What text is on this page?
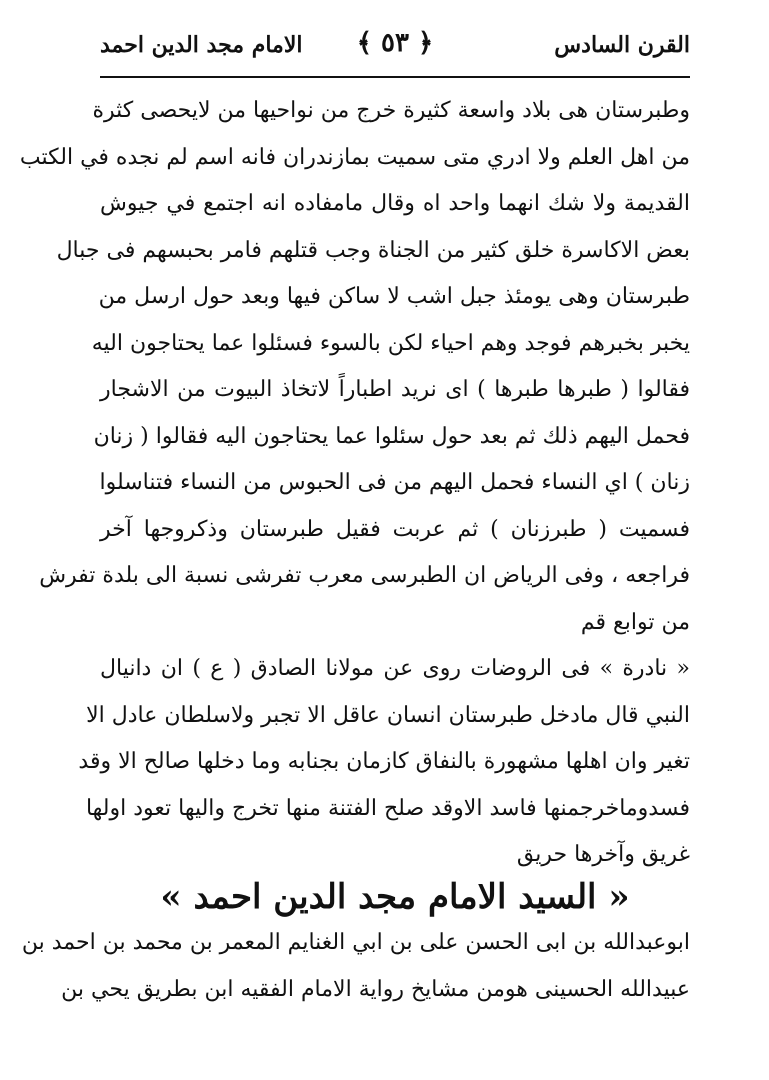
القرن السادس
﴿ ٥٣ ﴾
الامام مجد الدين احمد
وطبرستان هى بلاد واسعة كثيرة خرج من نواحيها من لايحصى كثرة
من اهل العلم ولا ادري متى سميت بمازندران فانه اسم لم نجده في الكتب
القديمة ولا شك انهما واحد اه وقال مامفاده انه اجتمع في جيوش
بعض الاكاسرة خلق كثير من الجناة وجب قتلهم فامر بحبسهم فى جبال
طبرستان وهى يومئذ جبل اشب لا ساكن فيها وبعد حول ارسل من
يخبر بخبرهم فوجد وهم احياء لكن بالسوء فسئلوا عما يحتاجون اليه
فقالوا ( طبرها طبرها ) اى نريد اطباراً لاتخاذ البيوت من الاشجار
فحمل اليهم ذلك ثم بعد حول سئلوا عما يحتاجون اليه فقالوا ( زنان
زنان ) اي النساء فحمل اليهم من فى الحبوس من النساء فتناسلوا
فسميت ( طبرزنان ) ثم عربت فقيل طبرستان وذكروجها آخر
فراجعه ، وفى الرياض ان الطبرسى معرب تفرشى نسبة الى بلدة تفرش
من توابع قم
« نادرة » فى الروضات روى عن مولانا الصادق ( ع ) ان دانيال
النبي قال مادخل طبرستان انسان عاقل الا تجبر ولاسلطان عادل الا
تغير وان اهلها مشهورة بالنفاق كازمان بجنابه وما دخلها صالح الا وقد
فسدوماخرجمنها فاسد الاوقد صلح الفتنة منها تخرج واليها تعود اولها
غريق وآخرها حريق
« السيد الامام مجد الدين احمد »
ابوعبدالله بن ابى الحسن على بن ابي الغنايم المعمر بن محمد بن احمد بن
عبيدالله الحسينى هومن مشايخ رواية الامام الفقيه ابن بطريق يحي بن
